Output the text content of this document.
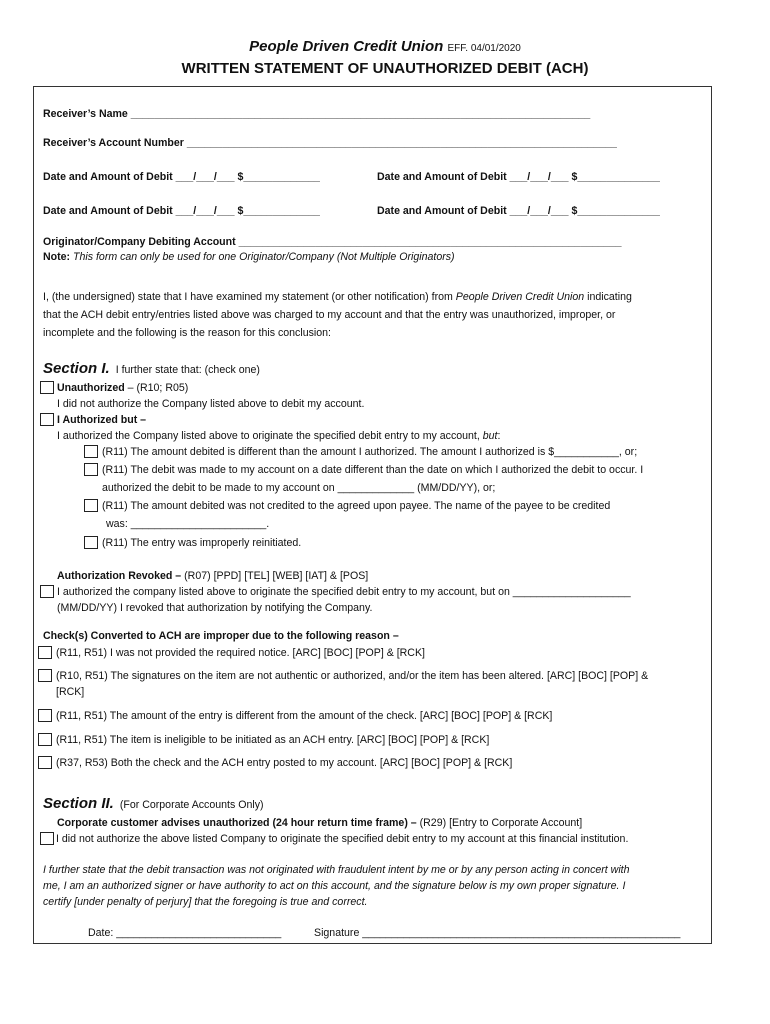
People Driven Credit Union EFF. 04/01/2020
WRITTEN STATEMENT OF UNAUTHORIZED DEBIT (ACH)
Receiver’s Name ______________________________________________________________________________
Receiver’s Account Number _________________________________________________________________________
Date and Amount of Debit ___/___/___ $_____________	Date and Amount of Debit ___/___/___ $______________
Date and Amount of Debit ___/___/___ $_____________	Date and Amount of Debit ___/___/___ $______________
Originator/Company Debiting Account _________________________________________________________________
Note: This form can only be used for one Originator/Company (Not Multiple Originators)
I, (the undersigned) state that I have examined my statement (or other notification) from People Driven Credit Union indicating
that the ACH debit entry/entries listed above was charged to my account and that the entry was unauthorized, improper, or
incomplete and the following is the reason for this conclusion:
Section I. I further state that: (check one)
Unauthorized – (R10; R05)
I did not authorize the Company listed above to debit my account.
I Authorized but –
I authorized the Company listed above to originate the specified debit entry to my account, but:
(R11) The amount debited is different than the amount I authorized. The amount I authorized is $___________, or;
(R11) The debit was made to my account on a date different than the date on which I authorized the debit to occur. I
authorized the debit to be made to my account on _____________ (MM/DD/YY), or;
(R11) The amount debited was not credited to the agreed upon payee. The name of the payee to be credited
was: _______________________.
(R11) The entry was improperly reinitiated.
Authorization Revoked – (R07) [PPD] [TEL] [WEB] [IAT] & [POS]
I authorized the company listed above to originate the specified debit entry to my account, but on ____________________
(MM/DD/YY) I revoked that authorization by notifying the Company.
Check(s) Converted to ACH are improper due to the following reason –
(R11, R51) I was not provided the required notice. [ARC] [BOC] [POP] & [RCK]
(R10, R51) The signatures on the item are not authentic or authorized, and/or the item has been altered. [ARC] [BOC] [POP] &
[RCK]
(R11, R51) The amount of the entry is different from the amount of the check. [ARC] [BOC] [POP] & [RCK]
(R11, R51) The item is ineligible to be initiated as an ACH entry. [ARC] [BOC] [POP] & [RCK]
(R37, R53) Both the check and the ACH entry posted to my account. [ARC] [BOC] [POP] & [RCK]
Section II. (For Corporate Accounts Only)
Corporate customer advises unauthorized (24 hour return time frame) – (R29) [Entry to Corporate Account]
I did not authorize the above listed Company to originate the specified debit entry to my account at this financial institution.
I further state that the debit transaction was not originated with fraudulent intent by me or by any person acting in concert with
me, I am an authorized signer or have authority to act on this account, and the signature below is my own proper signature. I
certify [under penalty of perjury] that the foregoing is true and correct.
Date: ____________________________	Signature ______________________________________________________
